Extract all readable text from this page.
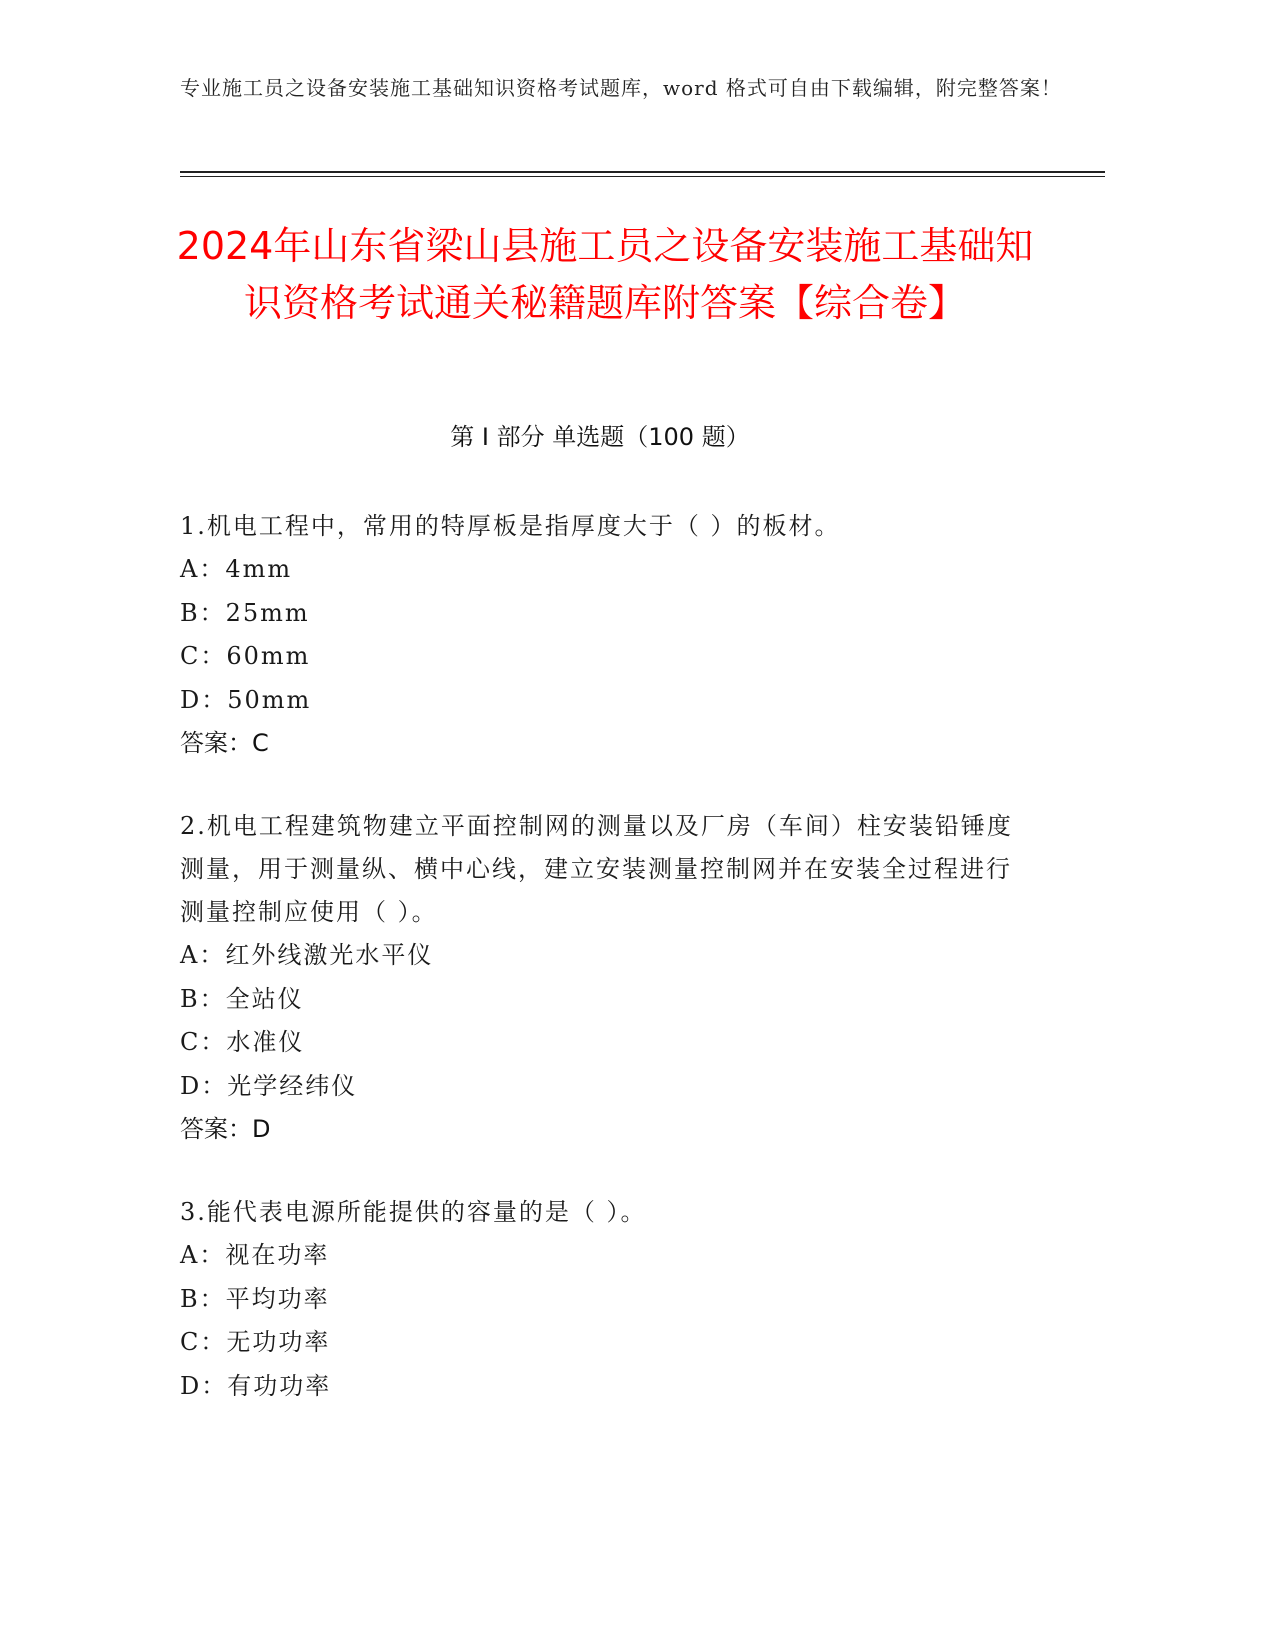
专业施工员之设备安装施工基础知识资格考试题库，word 格式可自由下载编辑，附完整答案！
2024年山东省梁山县施工员之设备安装施工基础知识资格考试通关秘籍题库附答案【综合卷】
第 I 部分 单选题（100 题）
1.机电工程中，常用的特厚板是指厚度大于（ ）的板材。
A：4mm
B：25mm
C：60mm
D：50mm
答案：C
2.机电工程建筑物建立平面控制网的测量以及厂房（车间）柱安装铅锤度测量，用于测量纵、横中心线，建立安装测量控制网并在安装全过程进行测量控制应使用（ ）。
A：红外线激光水平仪
B：全站仪
C：水准仪
D：光学经纬仪
答案：D
3.能代表电源所能提供的容量的是（ ）。
A：视在功率
B：平均功率
C：无功功率
D：有功功率
